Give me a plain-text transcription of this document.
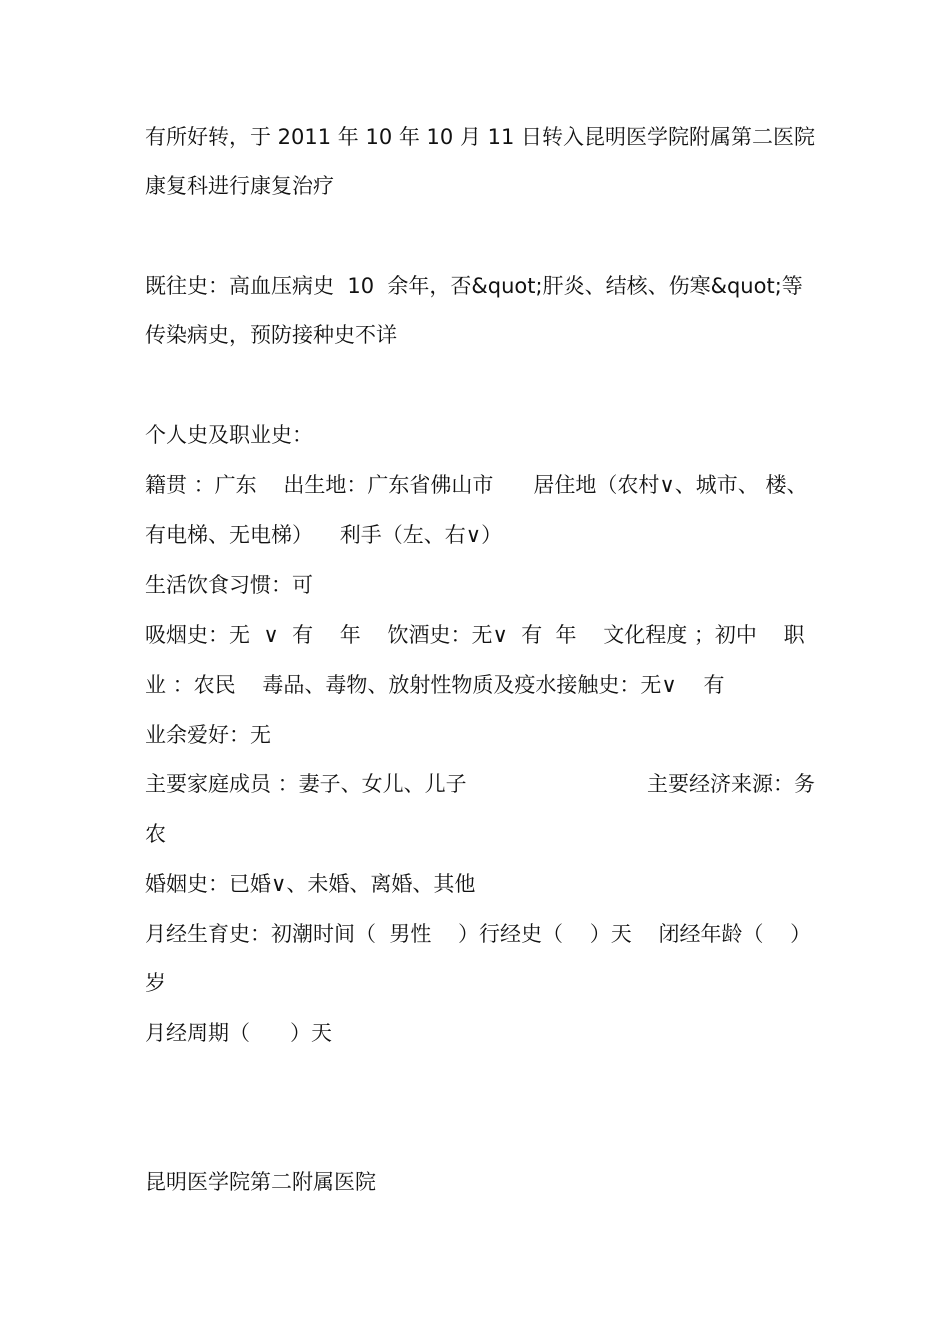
有所好转，于 2011 年 10 年 10 月 11 日转入昆明医学院附属第二医院
康复科进行康复治疗
既往史：高血压病史  10  余年，否&quot;肝炎、结核、伤寒&quot;等
传染病史，预防接种史不详
个人史及职业史：
籍贯 ：广东    出生地：广东省佛山市      居住地（农村∨、城市、 楼、
有电梯、无电梯）    利手（左、右∨）
生活饮食习惯：可
吸烟史：无  ∨  有    年    饮酒史：无∨  有  年    文化程度 ；初中    职
业 ：农民    毒品、毒物、放射性物质及疫水接触史：无∨    有
业余爱好：无
主要家庭成员 ：妻子、女儿、儿子	主要经济来源：务
农
婚姻史：已婚∨、未婚、离婚、其他
月经生育史：初潮时间（  男性    ）行经史（    ）天    闭经年龄（    ）
岁
月经周期（      ）天
昆明医学院第二附属医院
